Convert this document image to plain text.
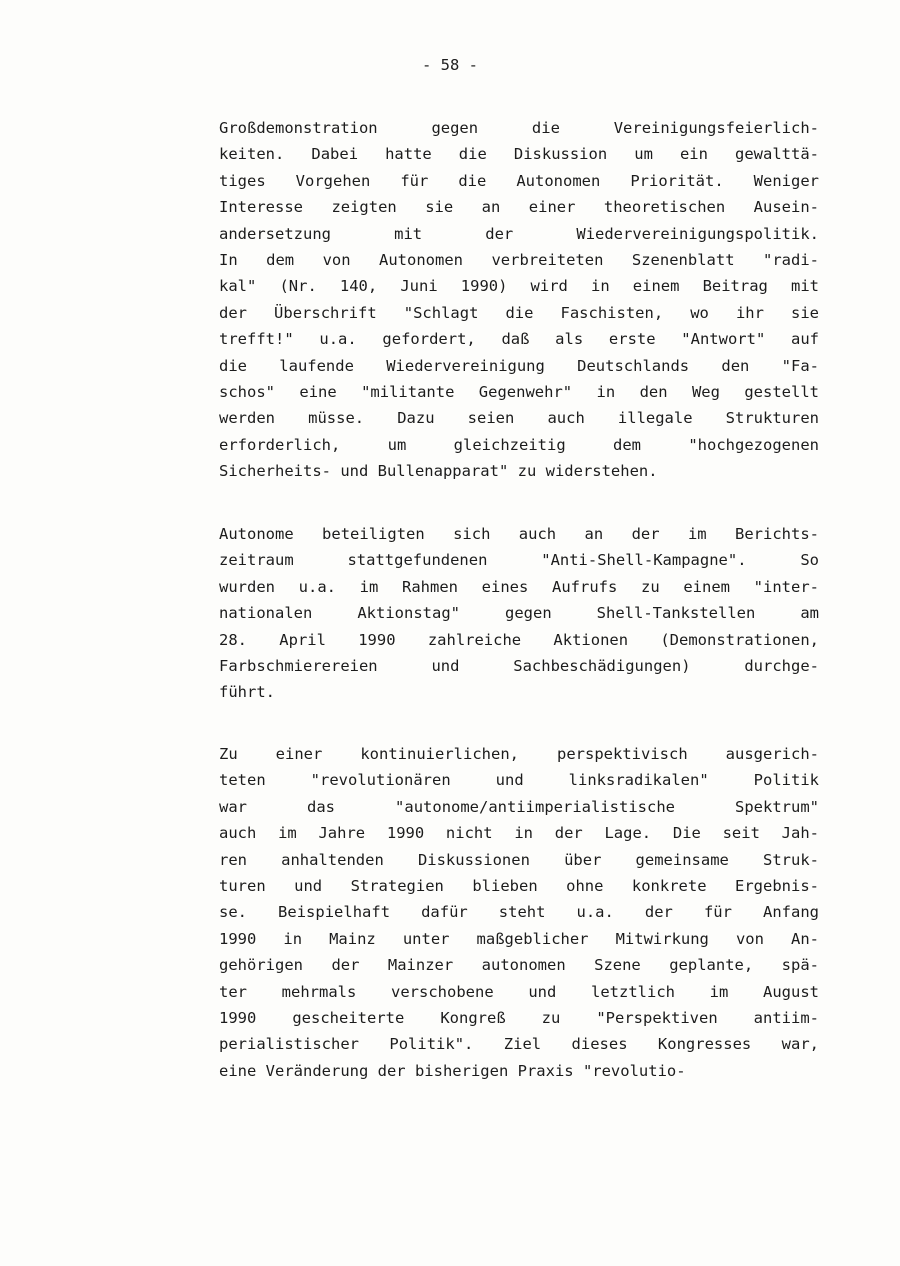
- 58 -
Großdemonstration gegen die Vereinigungsfeierlich-
keiten. Dabei hatte die Diskussion um ein gewalttä-
tiges Vorgehen für die Autonomen Priorität. Weniger
Interesse zeigten sie an einer theoretischen Ausein-
andersetzung mit der Wiedervereinigungspolitik.
In dem von Autonomen verbreiteten Szenenblatt "radi-
kal" (Nr. 140, Juni 1990) wird in einem Beitrag mit
der Überschrift "Schlagt die Faschisten, wo ihr sie
trefft!" u.a. gefordert, daß als erste "Antwort" auf
die laufende Wiedervereinigung Deutschlands den "Fa-
schos" eine "militante Gegenwehr" in den Weg gestellt
werden müsse. Dazu seien auch illegale Strukturen
erforderlich, um gleichzeitig dem "hochgezogenen
Sicherheits- und Bullenapparat" zu widerstehen.
Autonome beteiligten sich auch an der im Berichts-
zeitraum stattgefundenen "Anti-Shell-Kampagne". So
wurden u.a. im Rahmen eines Aufrufs zu einem "inter-
nationalen Aktionstag" gegen Shell-Tankstellen am
28. April 1990 zahlreiche Aktionen (Demonstrationen,
Farbschmierereien und Sachbeschädigungen) durchge-
führt.
Zu einer kontinuierlichen, perspektivisch ausgerich-
teten "revolutionären und linksradikalen" Politik
war das "autonome/antiimperialistische Spektrum"
auch im Jahre 1990 nicht in der Lage. Die seit Jah-
ren anhaltenden Diskussionen über gemeinsame Struk-
turen und Strategien blieben ohne konkrete Ergebnis-
se. Beispielhaft dafür steht u.a. der für Anfang
1990 in Mainz unter maßgeblicher Mitwirkung von An-
gehörigen der Mainzer autonomen Szene geplante, spä-
ter mehrmals verschobene und letztlich im August
1990 gescheiterte Kongreß zu "Perspektiven antiim-
perialistischer Politik". Ziel dieses Kongresses war,
eine Veränderung der bisherigen Praxis "revolutio-
